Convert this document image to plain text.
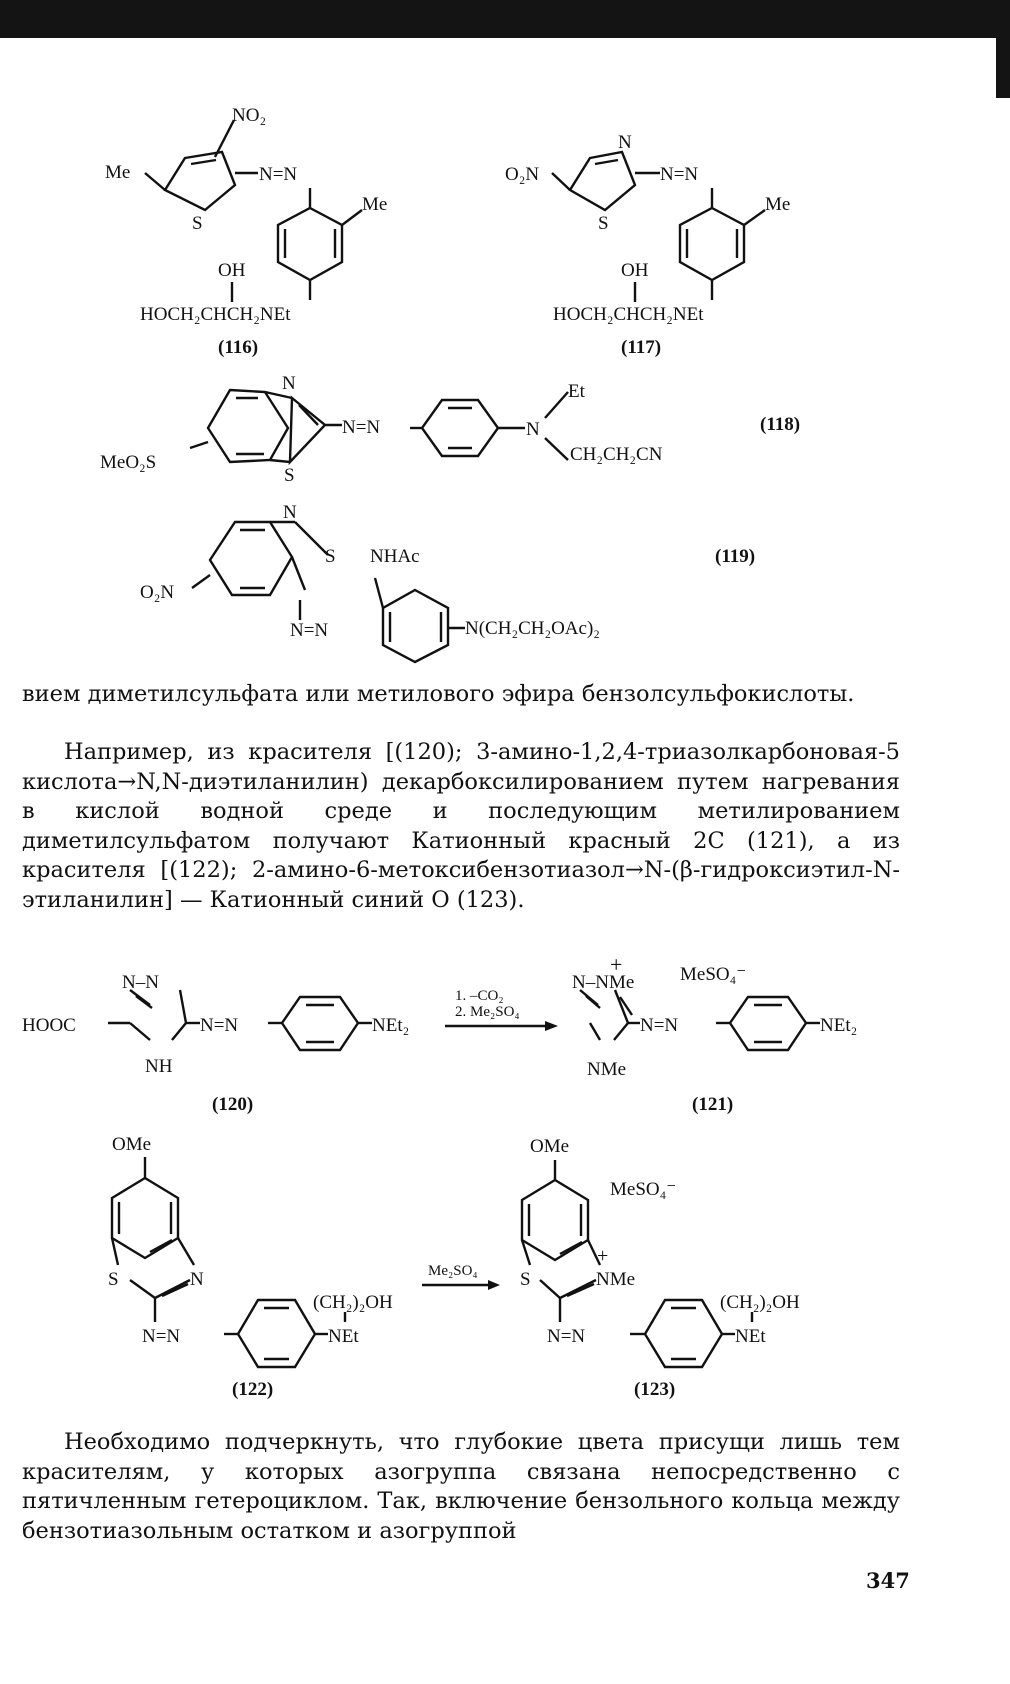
NO₂
Me
S
N=N
Me
OH
HOCH₂CHCH₂NEt
(116)
O₂N
N
S
N=N
Me
OH
HOCH₂CHCH₂NEt
(117)
N
S
MeO₂S
N=N	N
Et
CH₂CH₂CN
(118)
N
S NHAc
O₂N
N=N	N(CH₂CH₂OAc)₂
(119)
N–N
HOOC
NH
N=N	NEt₂
(120)
1. –CO₂
2. Me₂SO₄
N–NMe
+	MeSO₄⁻
NMe
N=N	NEt₂
(121)
OMe
S	N
N=N
(CH₂)₂OH
NEt
(122)
Me₂SO₄
OMe
MeSO₄⁻
S	NMe
+
N=N
(CH₂)₂OH
NEt
(123)

вием диметилсульфата или метилового эфира бензолсульфокислоты.

Например, из красителя [(120); 3-амино-1,2,4-триазолкарбоновая-5 кислота→N,N-диэтиланилин) декарбоксилированием путем нагревания в кислой водной среде и последующим метилированием диметилсульфатом получают Катионный красный 2С (121), а из красителя [(122); 2-амино-6-метоксибензотиазол→N-(β-гидроксиэтил-N-этиланилин] — Катионный синий О (123).

Необходимо подчеркнуть, что глубокие цвета присущи лишь тем красителям, у которых азогруппа связана непосредственно с пятичленным гетероциклом. Так, включение бензольного кольца между бензотиазольным остатком и азогруппой

347
